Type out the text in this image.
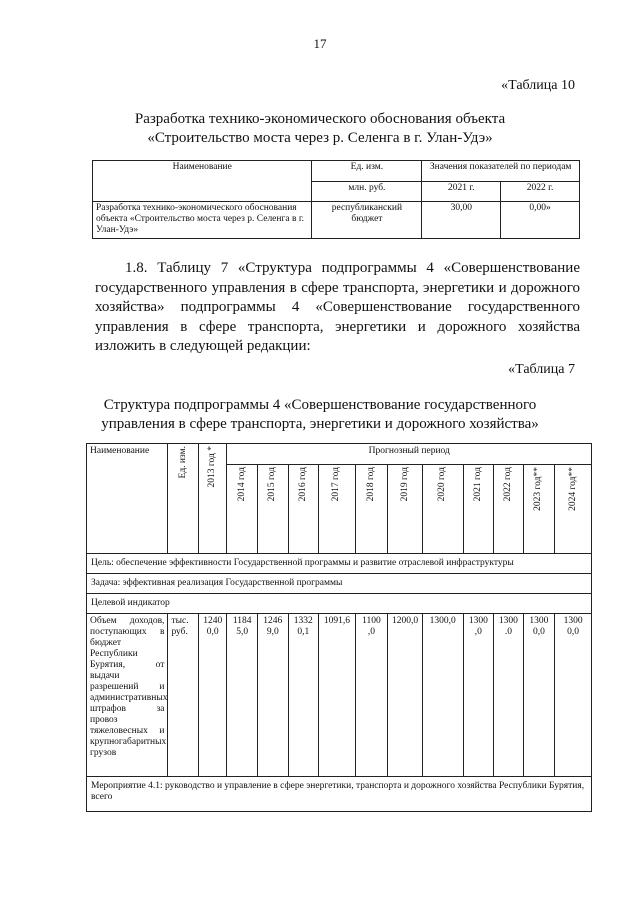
17
«Таблица 10
Разработка технико-экономического обоснования объекта
«Строительство моста через р. Селенга в г. Улан-Удэ»
Наименование	Ед. изм.	Значения показателей по периодам	
	млн. руб.	2021 г.	2022 г.
Разработка технико-экономического обоснования объекта «Строительство моста через р. Селенга в г. Улан-Удэ»	республиканский бюджет	30,00	0,00»
1.8. Таблицу 7 «Структура подпрограммы 4 «Совершенствование государственного управления в сфере транспорта, энергетики и дорожного хозяйства» подпрограммы 4 «Совершенствование государственного управления в сфере транспорта, энергетики и дорожного хозяйства изложить в следующей редакции:
«Таблица 7
Структура подпрограммы 4 «Совершенствование государственного
управления в сфере транспорта, энергетики и дорожного хозяйства»
Наименование	Ед. изм.	2013 год *	Прогнозный период										

			2014 год	2015 год	2016 год	2017 год	2018 год	2019 год	2020 год	2021 год	2022 год	2023 год**	2024 год**

Цель: обеспечение эффективности Государственной программы и развитие отраслевой инфраструктуры													
Задача: эффективная реализация Государственной программы													
Целевой индикатор													
Объем доходов, поступающих в бюджет Республики Бурятия, от выдачи разрешений и административных штрафов за провоз тяжеловесных и крупногабаритных грузов	тыс. руб.	1240 0,0	1184 5,0	1246 9,0	1332 0,1	1091,6	1100 ,0	1200,0	1300,0	1300 ,0	1300 .0	1300 0,0	1300 0,0
Мероприятие 4.1: руководство и управление в сфере энергетики, транспорта и дорожного хозяйства Республики Бурятия, всего													
